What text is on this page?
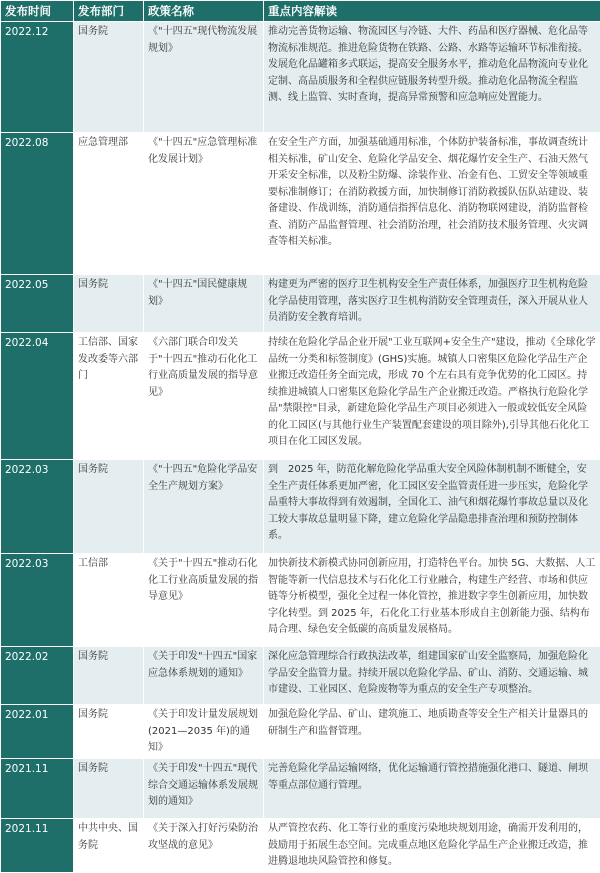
发布时间	发布部门	政策名称	重点内容解读
2022.12	国务院	《"十四五"现代物流发展规划》	推动完善货物运输、物流园区与冷链、大件、药品和医疗器械、危化品等物流标准规范。推进危险货物在铁路、公路、水路等运输环节标准衔接。发展危化品罐箱多式联运，提高安全服务水平，推动危化品物流向专业化定制、高品质服务和全程供应链服务转型升级。推动危化品物流全程监测、线上监管、实时查询，提高异常预警和应急响应处置能力。
2022.08	应急管理部	《"十四五"应急管理标准化发展计划》	在安全生产方面，加强基础通用标准，个体防护装备标准，事故调查统计相关标准，矿山安全、危险化学品安全、烟花爆竹安全生产、石油天然气开采安全标准，以及粉尘防爆、涂装作业、冶金有色、工贸安全等领域重要标准制修订；在消防救援方面，加快制修订消防救援队伍队站建设、装备建设、作战训练，消防通信指挥信息化、消防物联网建设，消防监督检查、消防产品监督管理、社会消防治理，社会消防技术服务管理、火灾调查等相关标准。
2022.05	国务院	《"十四五"国民健康规划》	构建更为严密的医疗卫生机构安全生产责任体系，加强医疗卫生机构危险化学品使用管理，落实医疗卫生机构消防安全管理责任，深入开展从业人员消防安全教育培训。
2022.04	工信部、国家发改委等六部门	《六部门联合印发关于"十四五"推动石化化工行业高质量发展的指导意见》	持续在危险化学品企业开展"工业互联网+安全生产"建设，推动《全球化学品统一分类和标签制度》(GHS)实施。城镇人口密集区危险化学品生产企业搬迁改造任务全面完成，形成 70 个左右具有竞争优势的化工园区。持续推进城镇人口密集区危险化学品生产企业搬迁改造。严格执行危险化学品"禁限控"目录，新建危险化学品生产项目必须进入一般或较低安全风险的化工园区(与其他行业生产装置配套建设的项目除外),引导其他石化化工项目在化工园区发展。
2022.03	国务院	《"十四五"危险化学品安全生产规划方案》	到　2025 年，防范化解危险化学品重大安全风险体制机制不断健全，安全生产责任体系更加严密，化工园区安全监管责任进一步压实，危险化学品重特大事故得到有效遏制，全国化工、油气和烟花爆竹事故总量以及化工较大事故总量明显下降，建立危险化学品隐患排查治理和预防控制体系。
2022.03	工信部	《关于"十四五"推动石化化工行业高质量发展的指导意见》	加快新技术新模式协同创新应用，打造特色平台。加快 5G、大数据、人工智能等新一代信息技术与石化化工行业融合，构建生产经营、市场和供应链等分析模型，强化全过程一体化管控，推进数字孪生创新应用，加快数字化转型。到 2025 年，石化化工行业基本形成自主创新能力强、结构布局合理、绿色安全低碳的高质量发展格局。
2022.02	国务院	《关于印发"十四五"国家应急体系规划的通知》	深化应急管理综合行政执法改革，组建国家矿山安全监察局，加强危险化学品安全监管力量。持续开展以危险化学品、矿山、消防、交通运输、城市建设、工业园区、危险废物等为重点的安全生产专项整治。
2022.01	国务院	《关于印发计量发展规划(2021—2035 年)的通知》	加强危险化学品、矿山、建筑施工、地质勘查等安全生产相关计量器具的研制生产和监督管理。
2021.11	国务院	《关于印发"十四五"现代综合交通运输体系发展规划的通知》	完善危险化学品运输网络，优化运输通行管控措施强化港口、隧道、闸坝等重点部位通行管理。
2021.11	中共中央、国务院	《关于深入打好污染防治攻坚战的意见》	从严管控农药、化工等行业的重度污染地块规划用途，确需开发利用的，鼓励用于拓展生态空间。完成重点地区危险化学品生产企业搬迁改造，推进腾退地块风险管控和修复。
